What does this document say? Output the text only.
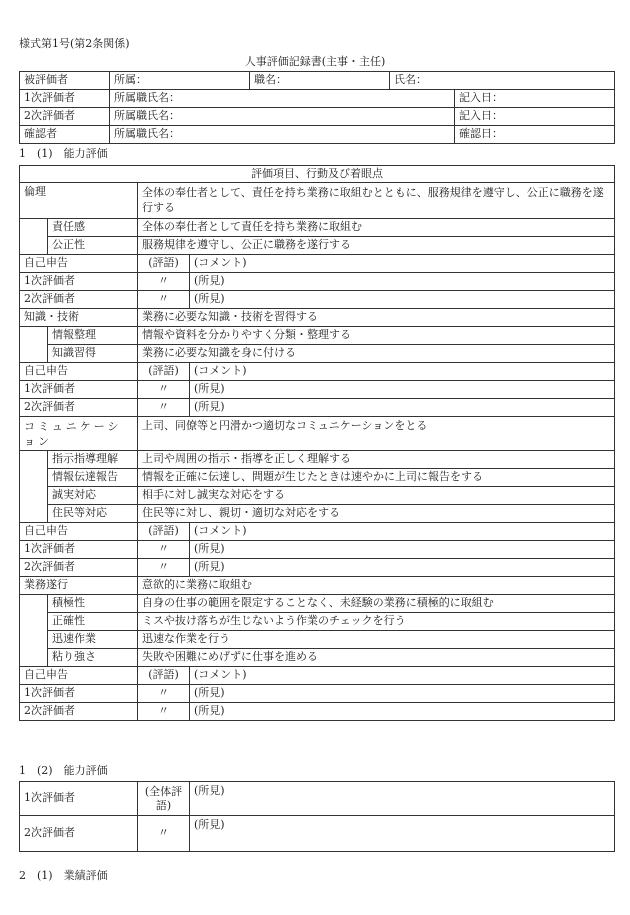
様式第1号(第2条関係)
人事評価記録書(主事・主任)
被評価者	所属：	職名：	氏名：	
1次評価者	所属職氏名：			記入日：
2次評価者	所属職氏名：			記入日：
確認者	所属職氏名：			確認日：
1　(1)　能力評価
評価項目、行動及び着眼点			
倫理		全体の奉仕者として、責任を持ち業務に取組むとともに、服務規律を遵守し、公正に職務を遂行する	
	責任感	全体の奉仕者として責任を持ち業務に取組む	
	公正性	服務規律を遵守し、公正に職務を遂行する	
自己申告		(評語)	(コメント)
1次評価者		〃	(所見)
2次評価者		〃	(所見)
知識・技術		業務に必要な知識・技術を習得する	
	情報整理	情報や資料を分かりやすく分類・整理する	
	知識習得	業務に必要な知識を身に付ける	
自己申告		(評語)	(コメント)
1次評価者		〃	(所見)
2次評価者		〃	(所見)
コミュニケーション		上司、同僚等と円滑かつ適切なコミュニケーションをとる	
	指示指導理解	上司や周囲の指示・指導を正しく理解する	
	情報伝達報告	情報を正確に伝達し、問題が生じたときは速やかに上司に報告をする	
	誠実対応	相手に対し誠実な対応をする	
	住民等対応	住民等に対し、親切・適切な対応をする	
自己申告		(評語)	(コメント)
1次評価者		〃	(所見)
2次評価者		〃	(所見)
業務遂行		意欲的に業務に取組む	
	積極性	自身の仕事の範囲を限定することなく、未経験の業務に積極的に取組む	
	正確性	ミスや抜け落ちが生じないよう作業のチェックを行う	
	迅速作業	迅速な作業を行う	
	粘り強さ	失敗や困難にめげずに仕事を進める	
自己申告		(評語)	(コメント)
1次評価者		〃	(所見)
2次評価者		〃	(所見)
1　(2)　能力評価
1次評価者	(全体評語)	(所見)
2次評価者	〃	(所見)
2　(1)　業績評価
